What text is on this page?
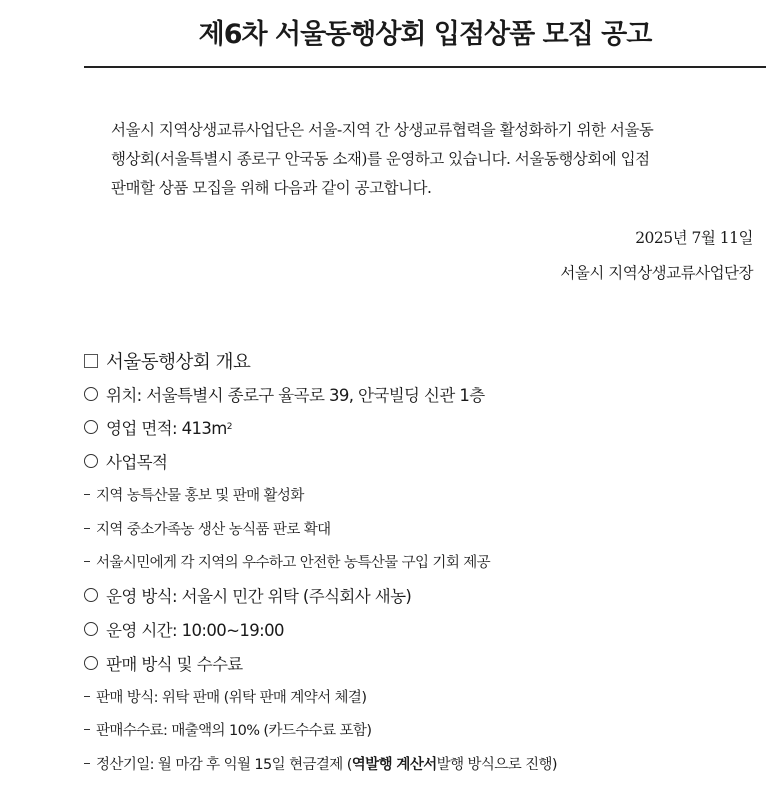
제6차 서울동행상회 입점상품 모집 공고
서울시 지역상생교류사업단은 서울-지역 간 상생교류협력을 활성화하기 위한 서울동
행상회(서울특별시 종로구 안국동 소재)를 운영하고 있습니다. 서울동행상회에 입점
판매할 상품 모집을 위해 다음과 같이 공고합니다.
2025년 7월 11일
서울시 지역상생교류사업단장
서울동행상회 개요
위치: 서울특별시 종로구 율곡로 39, 안국빌딩 신관 1층
영업 면적: 413m 2
사업목적
지역 농특산물 홍보 및 판매 활성화
지역 중소가족농 생산 농식품 판로 확대
서울시민에게 각 지역의 우수하고 안전한 농특산물 구입 기회 제공
운영 방식: 서울시 민간 위탁 (주식회사 새농)
운영 시간: 10:00~19:00
판매 방식 및 수수료
판매 방식: 위탁 판매 (위탁 판매 계약서 체결)
판매수수료: 매출액의 10% (카드수수료 포함)
정산기일: 월 마감 후 익월 15일 현금결제 ( 역발행 계산서 발행 방식으로 진행)
